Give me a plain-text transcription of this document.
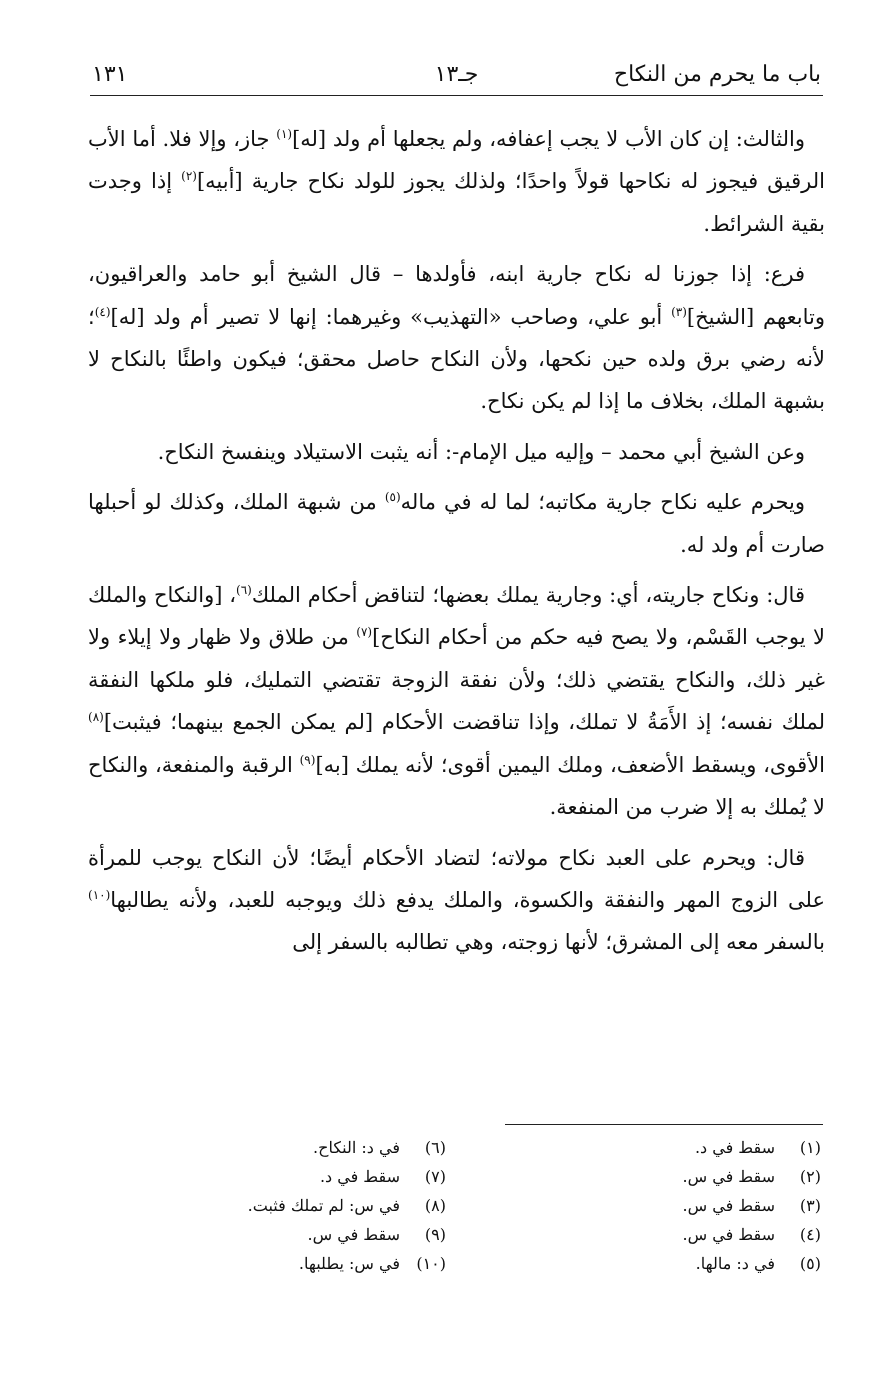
باب ما يحرم من النكاح
جـ١٣
١٣١

والثالث: إن كان الأب لا يجب إعفافه، ولم يجعلها أم ولد [له]$^{(١)}$ جاز، وإلا فلا. أما الأب الرقيق فيجوز له نكاحها قولاً واحدًا؛ ولذلك يجوز للولد نكاح جارية [أبيه]$^{(٢)}$ إذا وجدت بقية الشرائط.

فرع: إذا جوزنا له نكاح جارية ابنه، فأولدها – قال الشيخ أبو حامد والعراقيون، وتابعهم [الشيخ]$^{(٣)}$ أبو علي، وصاحب «التهذيب» وغيرهما: إنها لا تصير أم ولد [له]$^{(٤)}$؛ لأنه رضي برق ولده حين نكحها، ولأن النكاح حاصل محقق؛ فيكون واطئًا بالنكاح لا بشبهة الملك، بخلاف ما إذا لم يكن نكاح.

وعن الشيخ أبي محمد – وإليه ميل الإمام-: أنه يثبت الاستيلاد وينفسخ النكاح.

ويحرم عليه نكاح جارية مكاتبه؛ لما له في ماله$^{(٥)}$ من شبهة الملك، وكذلك لو أحبلها صارت أم ولد له.

قال: ونكاح جاريته، أي: وجارية يملك بعضها؛ لتناقض أحكام الملك$^{(٦)}$، [والنكاح والملك لا يوجب القَسْم، ولا يصح فيه حكم من أحكام النكاح]$^{(٧)}$ من طلاق ولا ظهار ولا إيلاء ولا غير ذلك، والنكاح يقتضي ذلك؛ ولأن نفقة الزوجة تقتضي التمليك، فلو ملكها النفقة لملك نفسه؛ إذ الأَمَةُ لا تملك، وإذا تناقضت الأحكام [لم يمكن الجمع بينهما؛ فيثبت]$^{(٨)}$ الأقوى، ويسقط الأضعف، وملك اليمين أقوى؛ لأنه يملك [به]$^{(٩)}$ الرقبة والمنفعة، والنكاح لا يُملك به إلا ضرب من المنفعة.

قال: ويحرم على العبد نكاح مولاته؛ لتضاد الأحكام أيضًا؛ لأن النكاح يوجب للمرأة على الزوج المهر والنفقة والكسوة، والملك يدفع ذلك ويوجبه للعبد، ولأنه يطالبها$^{(١٠)}$ بالسفر معه إلى المشرق؛ لأنها زوجته، وهي تطالبه بالسفر إلى

(١)سقط في د.
(٢)سقط في س.
(٣)سقط في س.
(٤)سقط في س.
(٥)في د: مالها.
(٦)في د: النكاح.
(٧)سقط في د.
(٨)في س: لم تملك فثبت.
(٩)سقط في س.
(١٠)في س: يطلبها.
